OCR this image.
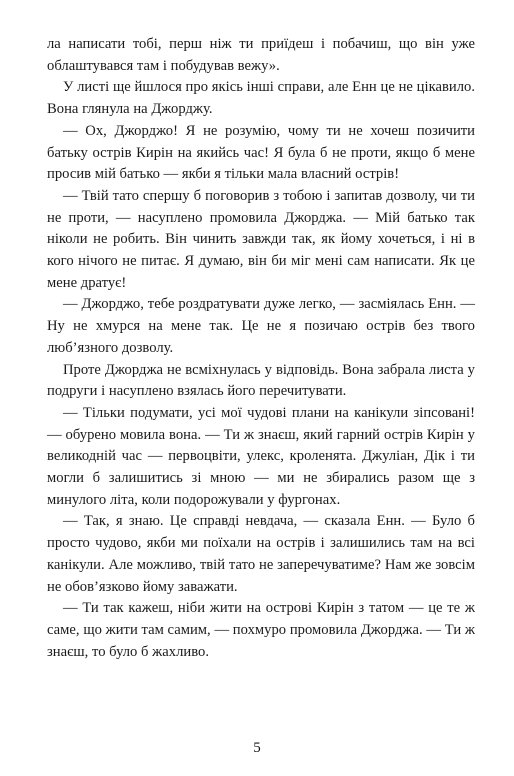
ла написати тобі, перш ніж ти приїдеш і побачиш, що він уже облаштувався там і побудував вежу».

У листі ще йшлося про якісь інші справи, але Енн це не цікавило. Вона глянула на Джорджу.

— Ох, Джорджо! Я не розумію, чому ти не хочеш позичити батьку острів Кирін на якийсь час! Я була б не проти, якщо б мене просив мій батько — якби я тільки мала власний острів!

— Твій тато спершу б поговорив з тобою і запитав дозволу, чи ти не проти, — насуплено промовила Джорджа. — Мій батько так ніколи не робить. Він чинить завжди так, як йому хочеться, і ні в кого нічого не питає. Я думаю, він би міг мені сам написати. Як це мене дратує!

— Джорджо, тебе роздратувати дуже легко, — засміялась Енн. — Ну не хмурся на мене так. Це не я позичаю острів без твого люб’язного дозволу.

Проте Джорджа не всміхнулась у відповідь. Вона забрала листа у подруги і насуплено взялась його перечитувати.

— Тільки подумати, усі мої чудові плани на канікули зіпсовані! — обурено мовила вона. — Ти ж знаєш, який гарний острів Кирін у великодній час — первоцвіти, улекс, кроленята. Джуліан, Дік і ти могли б залишитись зі мною — ми не збирались разом ще з минулого літа, коли подорожували у фургонах.

— Так, я знаю. Це справді невдача, — сказала Енн. — Було б просто чудово, якби ми поїхали на острів і залишились там на всі канікули. Але можливо, твій тато не заперечуватиме? Нам же зовсім не обов’язково йому заважати.

— Ти так кажеш, ніби жити на острові Кирін з татом — це те ж саме, що жити там самим, — похмуро промовила Джорджа. — Ти ж знаєш, то було б жахливо.

5
